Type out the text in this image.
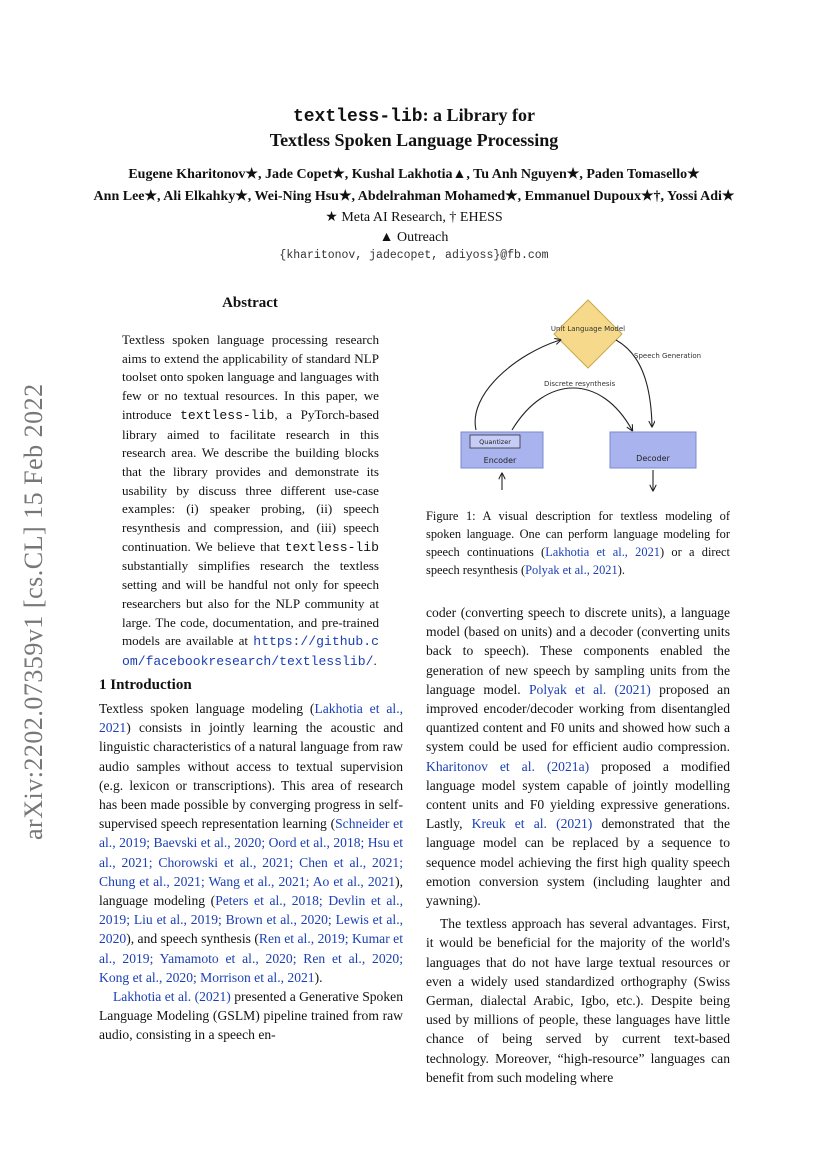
arXiv:2202.07359v1 [cs.CL] 15 Feb 2022
textless-lib: a Library for
Textless Spoken Language Processing
Eugene Kharitonov★, Jade Copet★, Kushal Lakhotia▲, Tu Anh Nguyen★, Paden Tomasello★
Ann Lee★, Ali Elkahky★, Wei-Ning Hsu★, Abdelrahman Mohamed★, Emmanuel Dupoux★†, Yossi Adi★
★ Meta AI Research, † EHESS
▲ Outreach
{kharitonov, jadecopet, adiyoss}@fb.com
Abstract
Textless spoken language processing research aims to extend the applicability of standard NLP toolset onto spoken language and languages with few or no textual resources. In this paper, we introduce textless-lib, a PyTorch-based library aimed to facilitate research in this research area. We describe the building blocks that the library provides and demonstrate its usability by discuss three different use-case examples: (i) speaker probing, (ii) speech resynthesis and compression, and (iii) speech continuation. We believe that textless-lib substantially simplifies research the textless setting and will be handful not only for speech researchers but also for the NLP community at large. The code, documentation, and pre-trained models are available at https://github.com/facebookresearch/textlesslib/.
Unit Language Model
Speech Generation
Discrete resynthesis
Quantizer
Encoder	Decoder
Figure 1: A visual description for textless modeling of spoken language. One can perform language modeling for speech continuations (Lakhotia et al., 2021) or a direct speech resynthesis (Polyak et al., 2021).
1 Introduction

Textless spoken language modeling (Lakhotia et al., 2021) consists in jointly learning the acoustic and linguistic characteristics of a natural language from raw audio samples without access to textual supervision (e.g. lexicon or transcriptions). This area of research has been made possible by converging progress in self-supervised speech representation learning (Schneider et al., 2019; Baevski et al., 2020; Oord et al., 2018; Hsu et al., 2021; Chorowski et al., 2021; Chen et al., 2021; Chung et al., 2021; Wang et al., 2021; Ao et al., 2021), language modeling (Peters et al., 2018; Devlin et al., 2019; Liu et al., 2019; Brown et al., 2020; Lewis et al., 2020), and speech synthesis (Ren et al., 2019; Kumar et al., 2019; Yamamoto et al., 2020; Ren et al., 2020; Kong et al., 2020; Morrison et al., 2021).

Lakhotia et al. (2021) presented a Generative Spoken Language Modeling (GSLM) pipeline trained from raw audio, consisting in a speech en-

coder (converting speech to discrete units), a language model (based on units) and a decoder (converting units back to speech). These components enabled the generation of new speech by sampling units from the language model. Polyak et al. (2021) proposed an improved encoder/decoder working from disentangled quantized content and F0 units and showed how such a system could be used for efficient audio compression. Kharitonov et al. (2021a) proposed a modified language model system capable of jointly modelling content units and F0 yielding expressive generations. Lastly, Kreuk et al. (2021) demonstrated that the language model can be replaced by a sequence to sequence model achieving the first high quality speech emotion conversion system (including laughter and yawning).

The textless approach has several advantages. First, it would be beneficial for the majority of the world's languages that do not have large textual resources or even a widely used standardized orthography (Swiss German, dialectal Arabic, Igbo, etc.). Despite being used by millions of people, these languages have little chance of being served by current text-based technology. Moreover, “high-resource” languages can benefit from such modeling where
